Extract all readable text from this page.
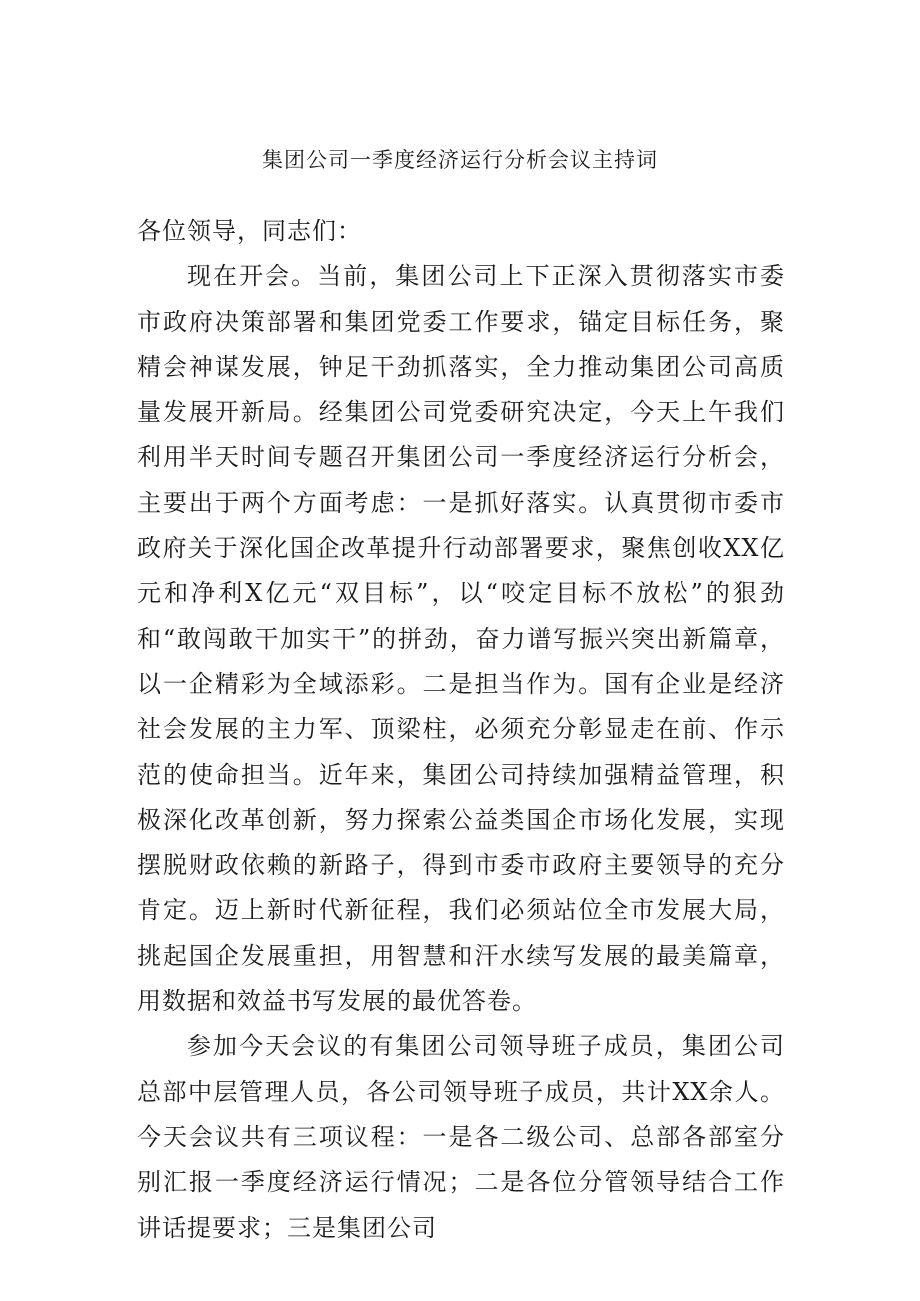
集团公司一季度经济运行分析会议主持词

各位领导，同志们：

现在开会。当前，集团公司上下正深入贯彻落实市委市政府决策部署和集团党委工作要求，锚定目标任务，聚精会神谋发展，钟足干劲抓落实，全力推动集团公司高质量发展开新局。经集团公司党委研究决定，今天上午我们利用半天时间专题召开集团公司一季度经济运行分析会，主要出于两个方面考虑：一是抓好落实。认真贯彻市委市政府关于深化国企改革提升行动部署要求，聚焦创收XX亿元和净利X亿元“双目标”，以“咬定目标不放松”的狠劲和“敢闯敢干加实干”的拼劲，奋力谱写振兴突出新篇章，以一企精彩为全域添彩。二是担当作为。国有企业是经济社会发展的主力军、顶梁柱，必须充分彰显走在前、作示范的使命担当。近年来，集团公司持续加强精益管理，积极深化改革创新，努力探索公益类国企市场化发展，实现摆脱财政依赖的新路子，得到市委市政府主要领导的充分肯定。迈上新时代新征程，我们必须站位全市发展大局，挑起国企发展重担，用智慧和汗水续写发展的最美篇章，用数据和效益书写发展的最优答卷。

参加今天会议的有集团公司领导班子成员，集团公司总部中层管理人员，各公司领导班子成员，共计XX余人。今天会议共有三项议程：一是各二级公司、总部各部室分别汇报一季度经济运行情况；二是各位分管领导结合工作讲话提要求；三是集团公司
